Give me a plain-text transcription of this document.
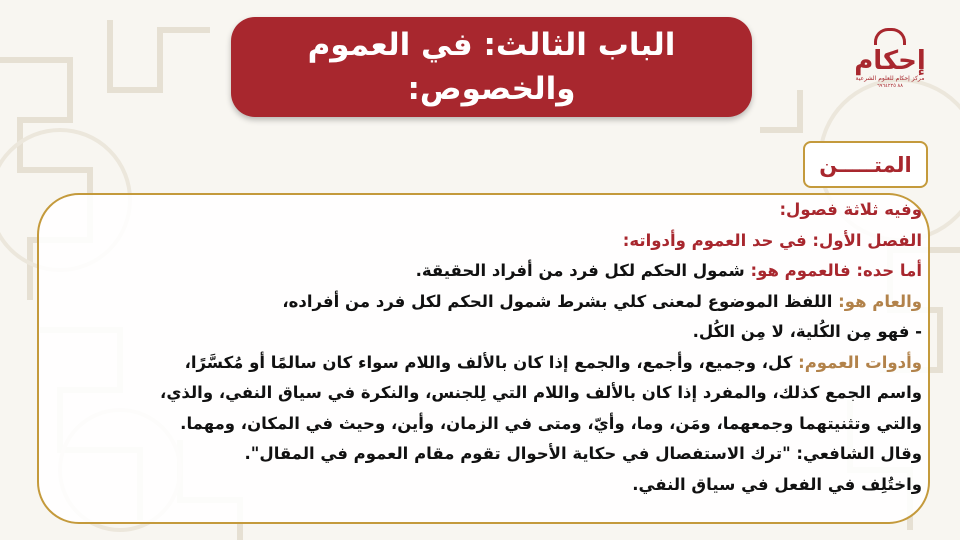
الباب الثالث: في العموم والخصوص:
إحكام
مركز إحكام للعلوم الشرعية
٨٨ ٦٩٦٤٢٢٥
المتـــــن
وفيه ثلاثة فصول:
الفصل الأول: في حد العموم وأدواته:
أما حده: فالعموم هو: شمول الحكم لكل فرد من أفراد الحقيقة.
والعام هو: اللفظ الموضوع لمعنى كلي بشرط شمول الحكم لكل فرد من أفراده،
- فهو مِن الكُلية، لا مِن الكُل.
وأدوات العموم: كل، وجميع، وأجمع، والجمع إذا كان بالألف واللام سواء كان سالمًا أو مُكسَّرًا،
واسم الجمع كذلك، والمفرد إذا كان بالألف واللام التي لِلجنس، والنكرة في سياق النفي، والذي،
والتي وتثنيتهما وجمعهما، ومَن، وما، وأيّ، ومتى في الزمان، وأين، وحيث في المكان، ومهما.
وقال الشافعي: "ترك الاستفصال في حكاية الأحوال تقوم مقام العموم في المقال".
واختُلِف في الفعل في سياق النفي.
